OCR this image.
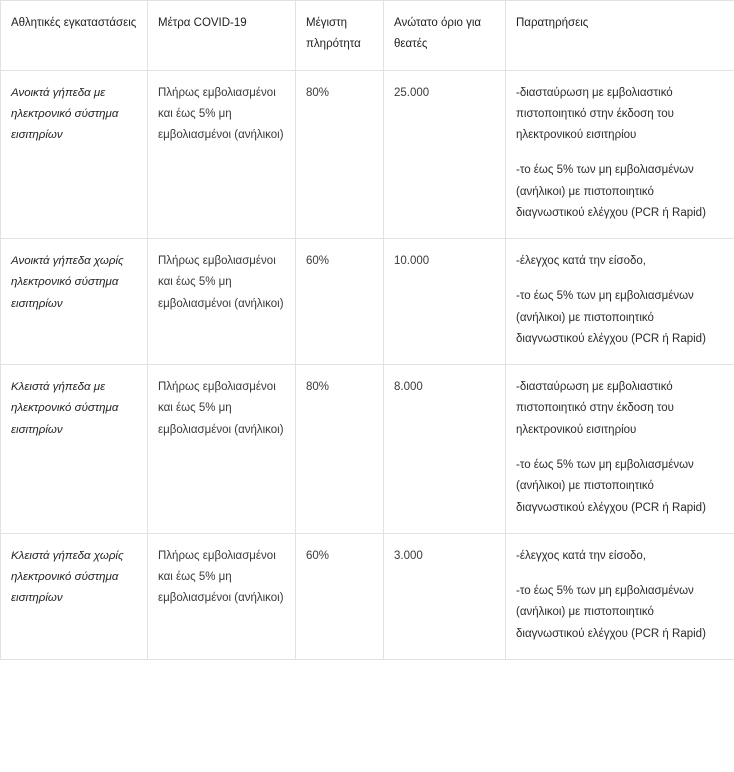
Αθλητικές εγκαταστάσεις	Μέτρα COVID-19	Μέγιστη πληρότητα	Ανώτατο όριο για θεατές	Παρατηρήσεις
Ανοικτά γήπεδα με ηλεκτρονικό σύστημα εισιτηρίων	Πλήρως εμβολιασμένοι και έως 5% μη εμβολιασμένοι (ανήλικοι)	80%	25.000	-διασταύρωση με εμβολιαστικό πιστοποιητικό στην έκδοση του ηλεκτρονικού εισιτηρίου

-το έως 5% των μη εμβολιασμένων (ανήλικοι) με πιστοποιητικό διαγνωστικού ελέγχου (PCR ή Rapid)

Ανοικτά γήπεδα χωρίς ηλεκτρονικό σύστημα εισιτηρίων	Πλήρως εμβολιασμένοι και έως 5% μη εμβολιασμένοι (ανήλικοι)	60%	10.000	-έλεγχος κατά την είσοδο,

-το έως 5% των μη εμβολιασμένων (ανήλικοι) με πιστοποιητικό διαγνωστικού ελέγχου (PCR ή Rapid)

Κλειστά γήπεδα με ηλεκτρονικό σύστημα εισιτηρίων	Πλήρως εμβολιασμένοι και έως 5% μη εμβολιασμένοι (ανήλικοι)	80%	8.000	-διασταύρωση με εμβολιαστικό πιστοποιητικό στην έκδοση του ηλεκτρονικού εισιτηρίου

-το έως 5% των μη εμβολιασμένων (ανήλικοι) με πιστοποιητικό διαγνωστικού ελέγχου (PCR ή Rapid)

Κλειστά γήπεδα χωρίς ηλεκτρονικό σύστημα εισιτηρίων	Πλήρως εμβολιασμένοι και έως 5% μη εμβολιασμένοι (ανήλικοι)	60%	3.000	-έλεγχος κατά την είσοδο,

-το έως 5% των μη εμβολιασμένων (ανήλικοι) με πιστοποιητικό διαγνωστικού ελέγχου (PCR ή Rapid)
